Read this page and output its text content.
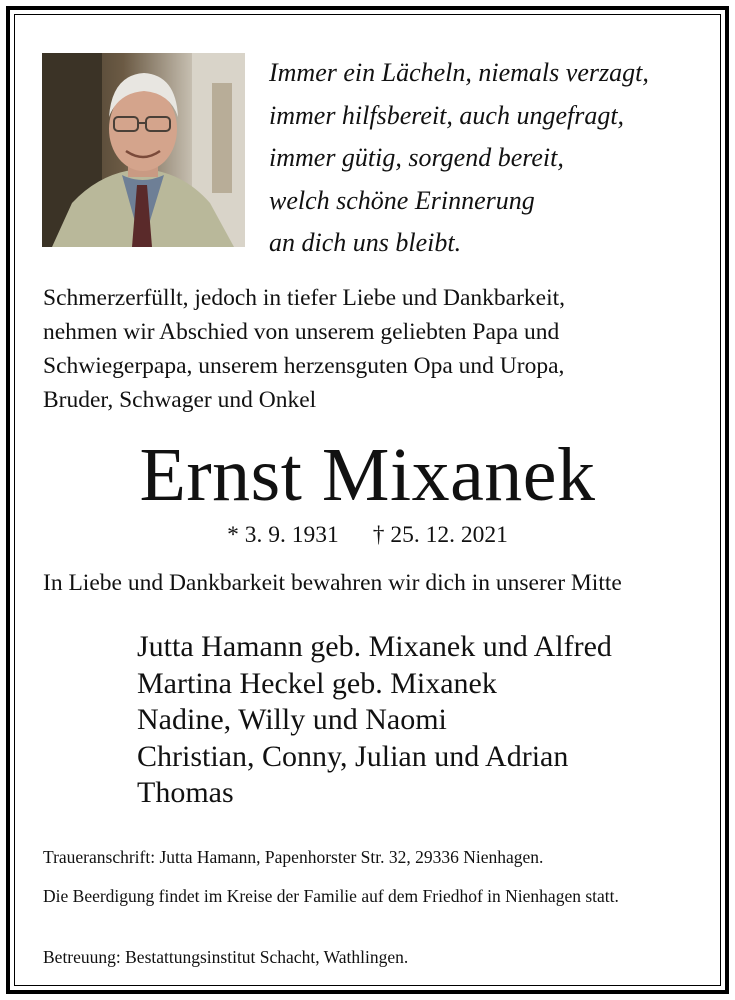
Immer ein Lächeln, niemals verzagt,
immer hilfsbereit, auch ungefragt,
immer gütig, sorgend bereit,
welch schöne Erinnerung
an dich uns bleibt.
Schmerzerfüllt, jedoch in tiefer Liebe und Dankbarkeit,
nehmen wir Abschied von unserem geliebten Papa und
Schwiegerpapa, unserem herzensguten Opa und Uropa,
Bruder, Schwager und Onkel
Ernst Mixanek
* 3. 9. 1931 † 25. 12. 2021
In Liebe und Dankbarkeit bewahren wir dich in unserer Mitte
Jutta Hamann geb. Mixanek und Alfred
Martina Heckel geb. Mixanek
Nadine, Willy und Naomi
Christian, Conny, Julian und Adrian
Thomas
Traueranschrift: Jutta Hamann, Papenhorster Str. 32, 29336 Nienhagen.
Die Beerdigung findet im Kreise der Familie auf dem Friedhof in Nienhagen statt.
Betreuung: Bestattungsinstitut Schacht, Wathlingen.
